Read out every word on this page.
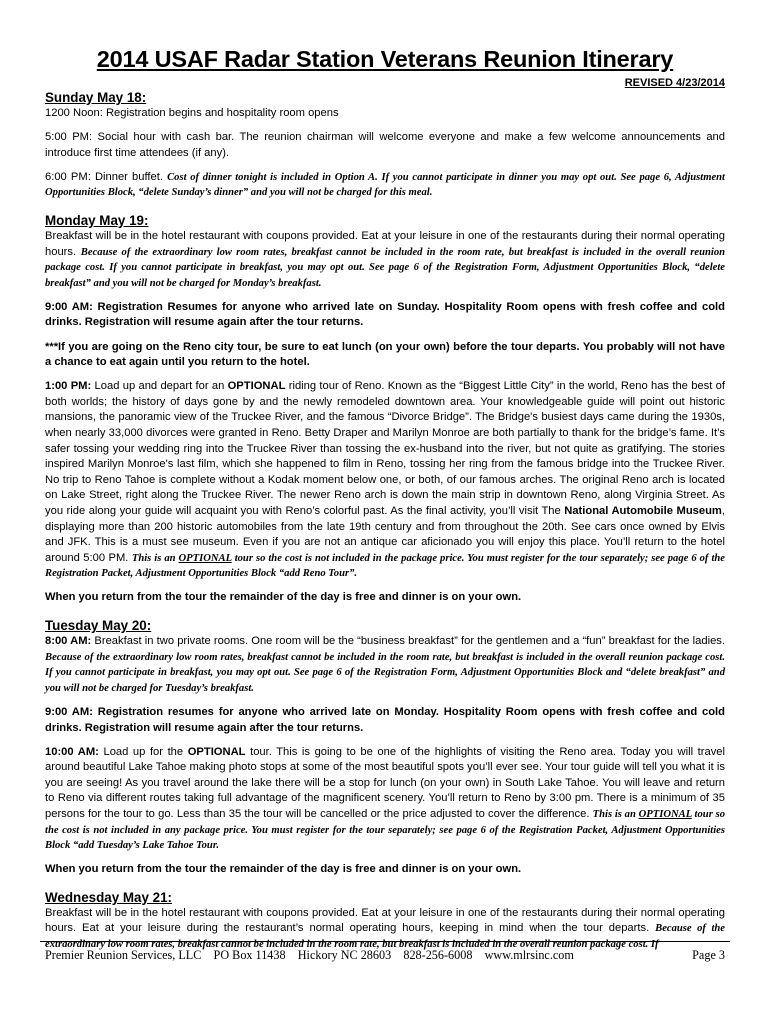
2014 USAF Radar Station Veterans Reunion Itinerary
REVISED 4/23/2014
Sunday May 18:

1200 Noon: Registration begins and hospitality room opens

5:00 PM: Social hour with cash bar. The reunion chairman will welcome everyone and make a few welcome announcements and introduce first time attendees (if any).

6:00 PM: Dinner buffet. Cost of dinner tonight is included in Option A. If you cannot participate in dinner you may opt out. See page 6, Adjustment Opportunities Block, “delete Sunday’s dinner” and you will not be charged for this meal.

Monday May 19:

Breakfast will be in the hotel restaurant with coupons provided. Eat at your leisure in one of the restaurants during their normal operating hours. Because of the extraordinary low room rates, breakfast cannot be included in the room rate, but breakfast is included in the overall reunion package cost. If you cannot participate in breakfast, you may opt out. See page 6 of the Registration Form, Adjustment Opportunities Block, “delete breakfast” and you will not be charged for Monday’s breakfast.

9:00 AM: Registration Resumes for anyone who arrived late on Sunday. Hospitality Room opens with fresh coffee and cold drinks. Registration will resume again after the tour returns.

***If you are going on the Reno city tour, be sure to eat lunch (on your own) before the tour departs. You probably will not have a chance to eat again until you return to the hotel.

1:00 PM: Load up and depart for an OPTIONAL riding tour of Reno. Known as the “Biggest Little City” in the world, Reno has the best of both worlds; the history of days gone by and the newly remodeled downtown area. Your knowledgeable guide will point out historic mansions, the panoramic view of the Truckee River, and the famous “Divorce Bridge”. The Bridge's busiest days came during the 1930s, when nearly 33,000 divorces were granted in Reno. Betty Draper and Marilyn Monroe are both partially to thank for the bridge’s fame. It’s safer tossing your wedding ring into the Truckee River than tossing the ex-husband into the river, but not quite as gratifying. The stories inspired Marilyn Monroe's last film, which she happened to film in Reno, tossing her ring from the famous bridge into the Truckee River. No trip to Reno Tahoe is complete without a Kodak moment below one, or both, of our famous arches. The original Reno arch is located on Lake Street, right along the Truckee River. The newer Reno arch is down the main strip in downtown Reno, along Virginia Street. As you ride along your guide will acquaint you with Reno’s colorful past. As the final activity, you’ll visit The National Automobile Museum, displaying more than 200 historic automobiles from the late 19th century and from throughout the 20th. See cars once owned by Elvis and JFK. This is a must see museum. Even if you are not an antique car aficionado you will enjoy this place. You’ll return to the hotel around 5:00 PM. This is an OPTIONAL tour so the cost is not included in the package price. You must register for the tour separately; see page 6 of the Registration Packet, Adjustment Opportunities Block “add Reno Tour”.

When you return from the tour the remainder of the day is free and dinner is on your own.

Tuesday May 20:

8:00 AM: Breakfast in two private rooms. One room will be the “business breakfast” for the gentlemen and a “fun” breakfast for the ladies. Because of the extraordinary low room rates, breakfast cannot be included in the room rate, but breakfast is included in the overall reunion package cost. If you cannot participate in breakfast, you may opt out. See page 6 of the Registration Form, Adjustment Opportunities Block and “delete breakfast” and you will not be charged for Tuesday’s breakfast.

9:00 AM: Registration resumes for anyone who arrived late on Monday. Hospitality Room opens with fresh coffee and cold drinks. Registration will resume again after the tour returns.

10:00 AM: Load up for the OPTIONAL tour. This is going to be one of the highlights of visiting the Reno area. Today you will travel around beautiful Lake Tahoe making photo stops at some of the most beautiful spots you’ll ever see. Your tour guide will tell you what it is you are seeing! As you travel around the lake there will be a stop for lunch (on your own) in South Lake Tahoe. You will leave and return to Reno via different routes taking full advantage of the magnificent scenery. You’ll return to Reno by 3:00 pm. There is a minimum of 35 persons for the tour to go. Less than 35 the tour will be cancelled or the price adjusted to cover the difference. This is an OPTIONAL tour so the cost is not included in any package price. You must register for the tour separately; see page 6 of the Registration Packet, Adjustment Opportunities Block “add Tuesday’s Lake Tahoe Tour.

When you return from the tour the remainder of the day is free and dinner is on your own.

Wednesday May 21:

Breakfast will be in the hotel restaurant with coupons provided. Eat at your leisure in one of the restaurants during their normal operating hours. Eat at your leisure during the restaurant’s normal operating hours, keeping in mind when the tour departs. Because of the extraordinary low room rates, breakfast cannot be included in the room rate, but breakfast is included in the overall reunion package cost. If

Premier Reunion Services, LLC    PO Box 11438    Hickory NC 28603    828-256-6008    www.mlrsinc.com	Page 3
